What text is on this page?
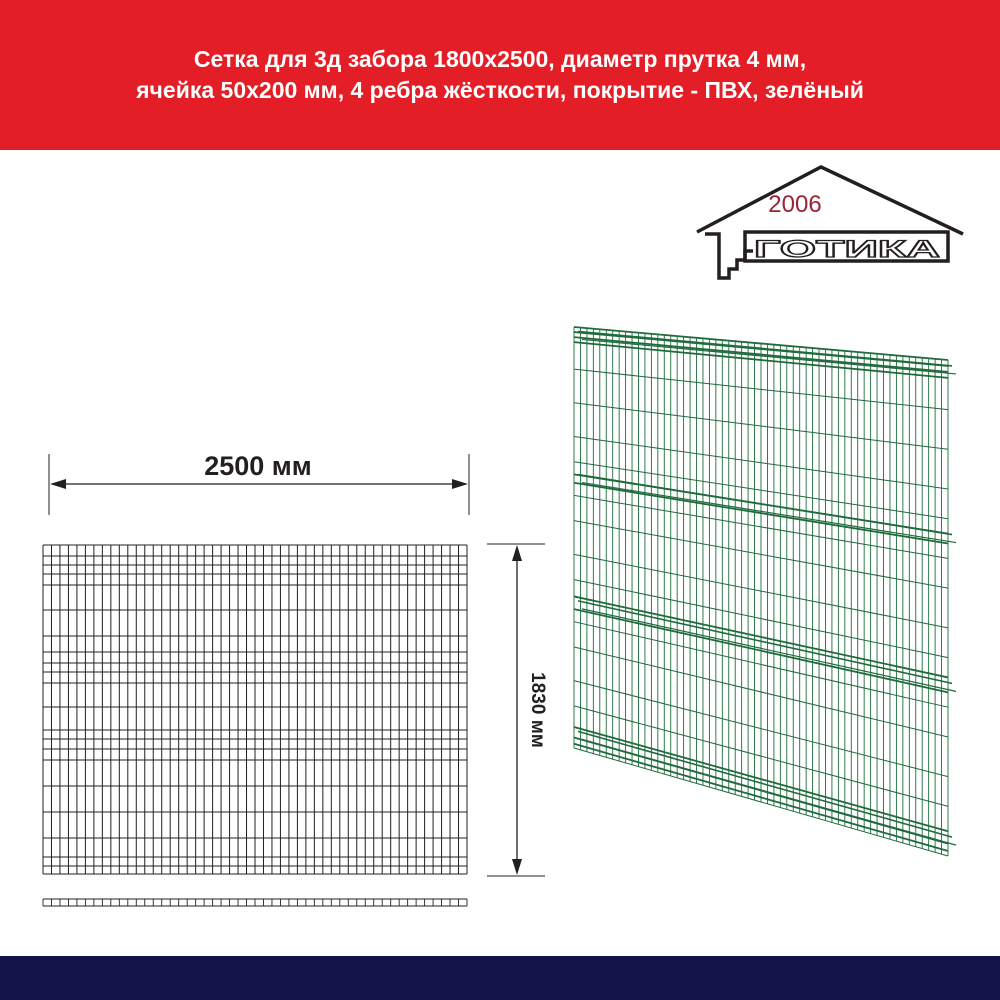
Сетка для 3д забора 1800х2500, диаметр прутка 4 мм,
ячейка 50х200 мм, 4 ребра жёсткости, покрытие - ПВХ, зелёный
2006
ГОТИКА
2500 мм
1830 мм
